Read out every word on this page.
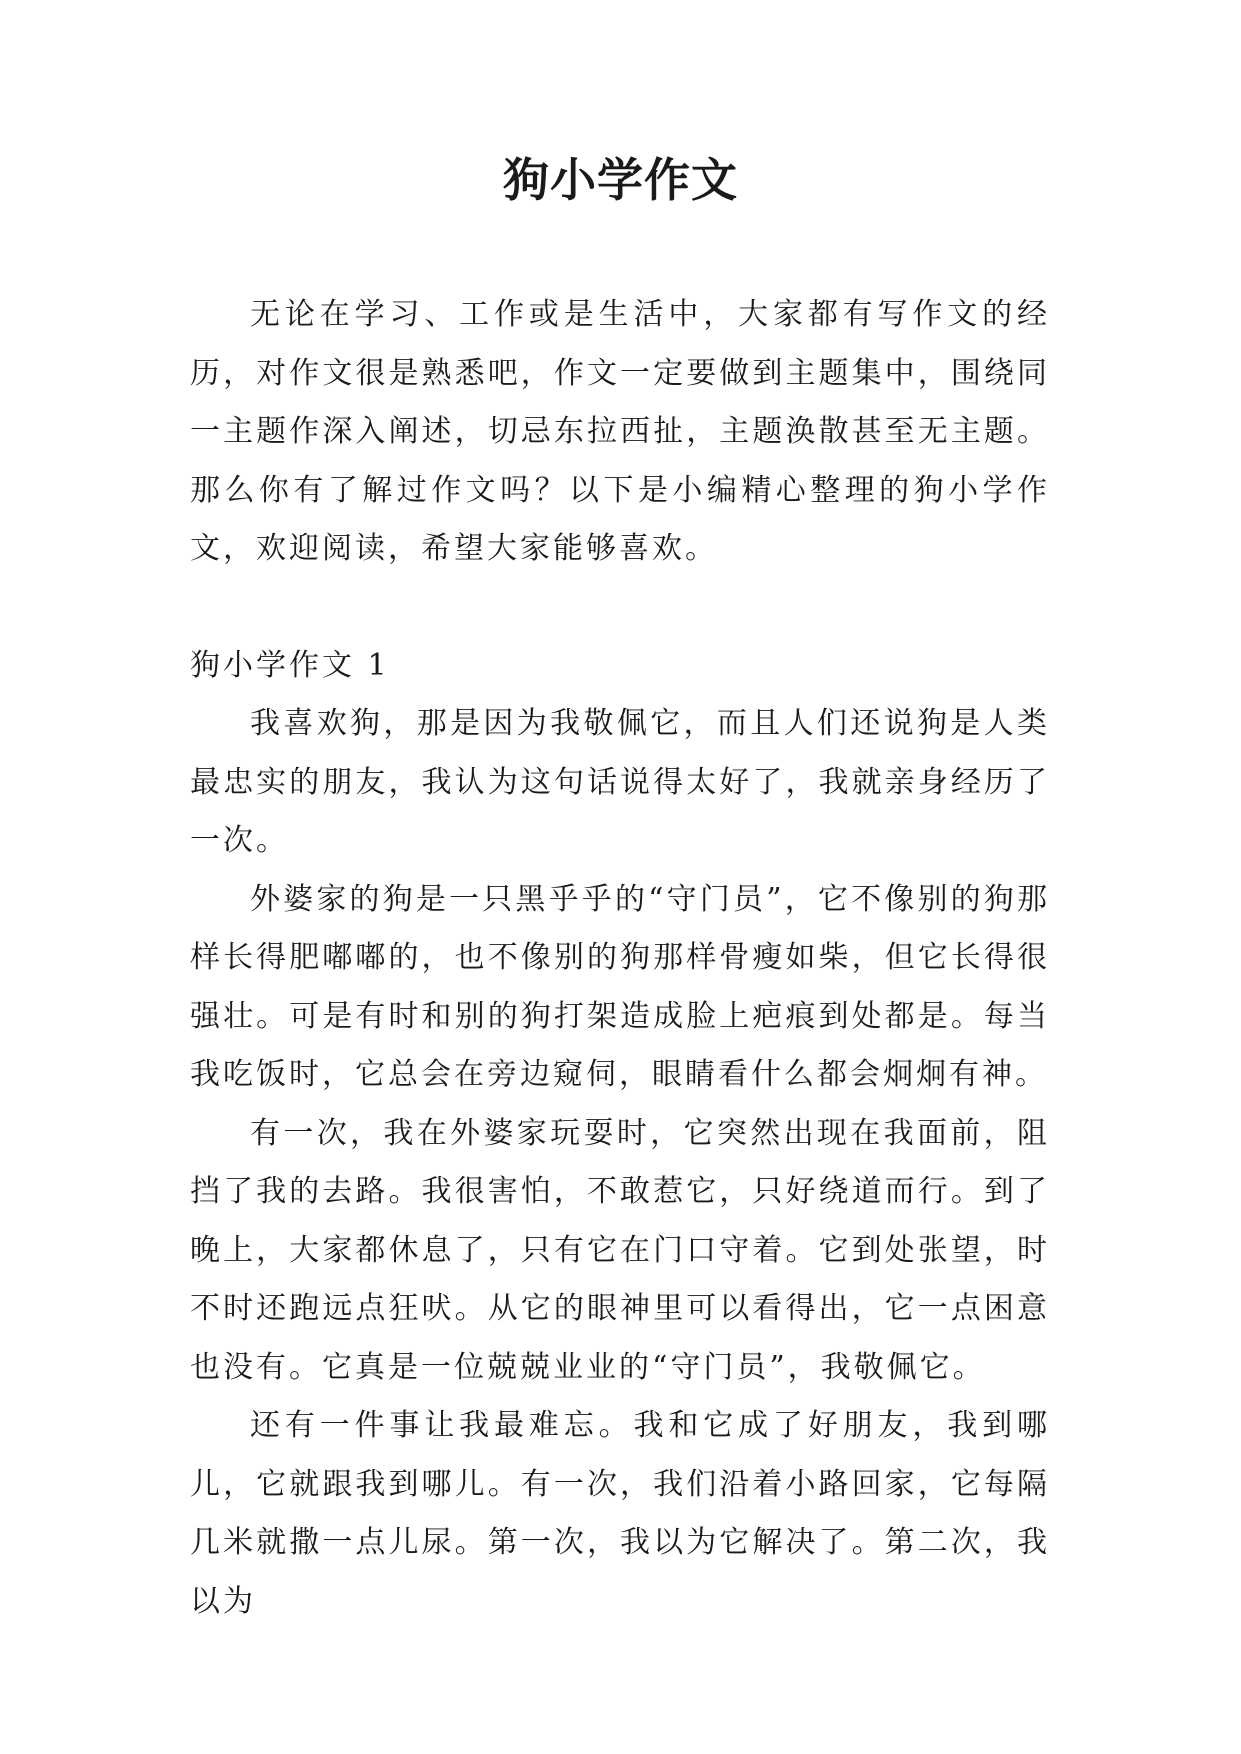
狗小学作文

无论在学习、工作或是生活中，大家都有写作文的经历，对作文很是熟悉吧，作文一定要做到主题集中，围绕同一主题作深入阐述，切忌东拉西扯，主题涣散甚至无主题。那么你有了解过作文吗？以下是小编精心整理的狗小学作文，欢迎阅读，希望大家能够喜欢。

狗小学作文 1

我喜欢狗，那是因为我敬佩它，而且人们还说狗是人类最忠实的朋友，我认为这句话说得太好了，我就亲身经历了一次。

外婆家的狗是一只黑乎乎的“守门员”，它不像别的狗那样长得肥嘟嘟的，也不像别的狗那样骨瘦如柴，但它长得很强壮。可是有时和别的狗打架造成脸上疤痕到处都是。每当我吃饭时，它总会在旁边窥伺，眼睛看什么都会炯炯有神。

有一次，我在外婆家玩耍时，它突然出现在我面前，阻挡了我的去路。我很害怕，不敢惹它，只好绕道而行。到了晚上，大家都休息了，只有它在门口守着。它到处张望，时不时还跑远点狂吠。从它的眼神里可以看得出，它一点困意也没有。它真是一位兢兢业业的“守门员”，我敬佩它。

还有一件事让我最难忘。我和它成了好朋友，我到哪儿，它就跟我到哪儿。有一次，我们沿着小路回家，它每隔几米就撒一点儿尿。第一次，我以为它解决了。第二次，我以为
